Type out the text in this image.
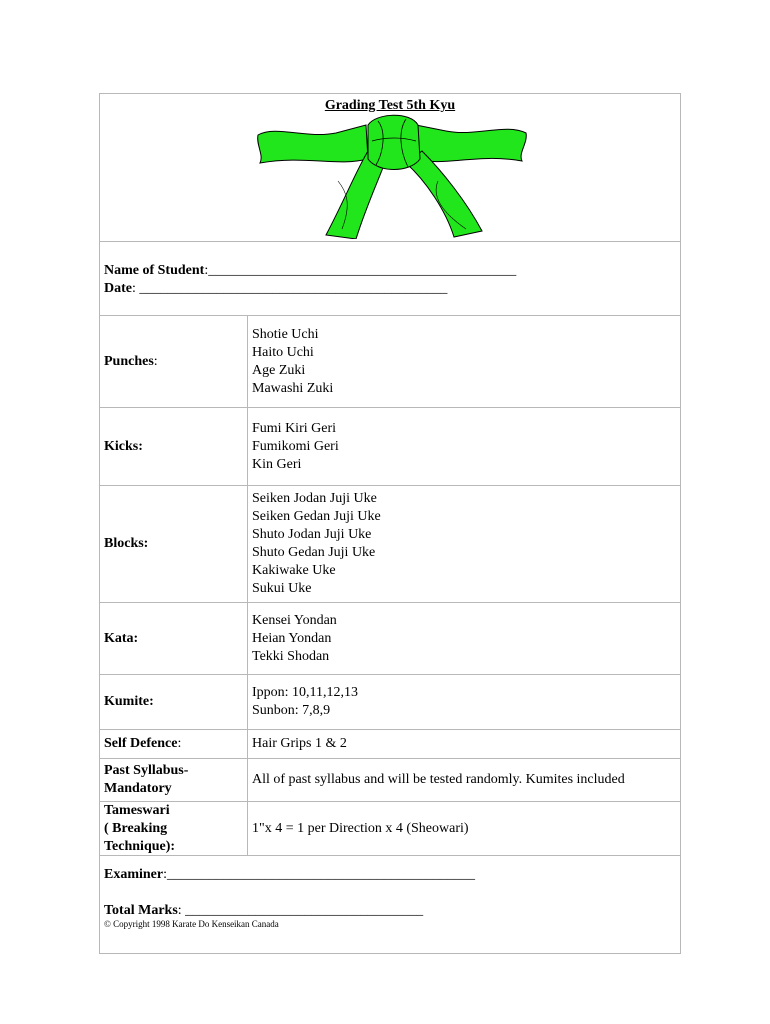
Grading Test 5th Kyu
Name of Student:____________________________________________
Date: ____________________________________________
Punches:
Shotie Uchi
Haito Uchi
Age Zuki
Mawashi Zuki
Kicks:
Fumi Kiri Geri
Fumikomi Geri
Kin Geri
Blocks:
Seiken Jodan Juji Uke
Seiken Gedan Juji Uke
Shuto Jodan Juji Uke
Shuto Gedan Juji Uke
Kakiwake Uke
Sukui Uke
Kata:
Kensei Yondan
Heian Yondan
Tekki Shodan
Kumite:
Ippon: 10,11,12,13
Sunbon: 7,8,9
Self Defence:	Hair Grips 1 & 2
Past Syllabus-
Mandatory
All of past syllabus and will be tested randomly. Kumites included
Tameswari
( Breaking
Technique):
1"x 4 = 1 per Direction x 4 (Sheowari)
Examiner:____________________________________________
Total Marks: __________________________________
© Copyright 1998 Karate Do Kenseikan Canada
